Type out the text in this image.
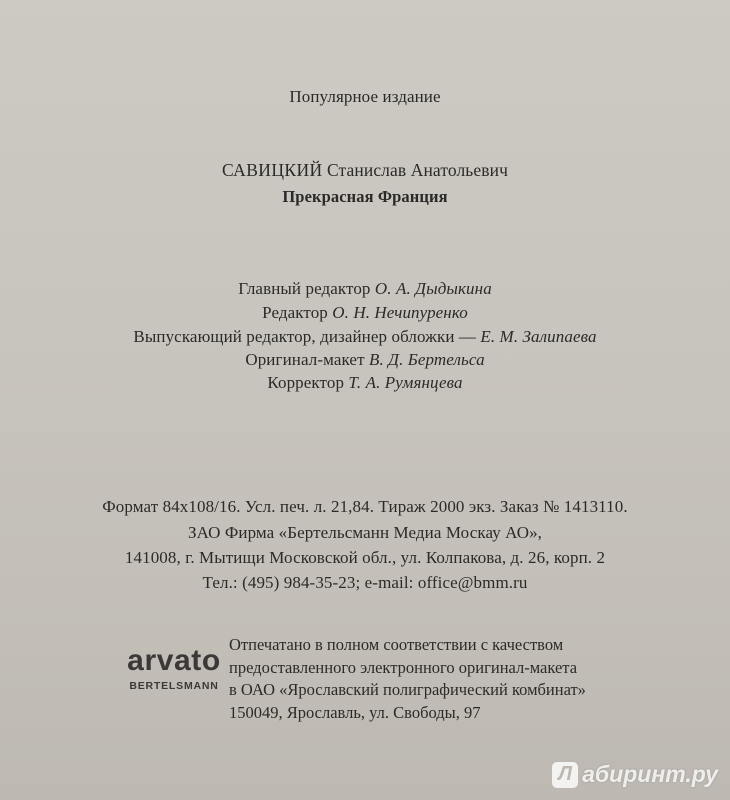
Популярное издание
САВИЦКИЙ Станислав Анатольевич
Прекрасная Франция
Главный редактор О. А. Дыдыкина
Редактор О. Н. Нечипуренко
Выпускающий редактор, дизайнер обложки — Е. М. Залипаева
Оригинал-макет В. Д. Бертельса
Корректор Т. А. Румянцева
Формат 84х108/16. Усл. печ. л. 21,84. Тираж 2000 экз. Заказ № 1413110.
ЗАО Фирма «Бертельсманн Медиа Москау АО»,
141008, г. Мытищи Московской обл., ул. Колпакова, д. 26, корп. 2
Тел.: (495) 984-35-23; e-mail: office@bmm.ru
arvato
BERTELSMANN
Отпечатано в полном соответствии с качеством
предоставленного электронного оригинал-макета
в ОАО «Ярославский полиграфический комбинат»
150049, Ярославль, ул. Свободы, 97
Л абиринт.ру
